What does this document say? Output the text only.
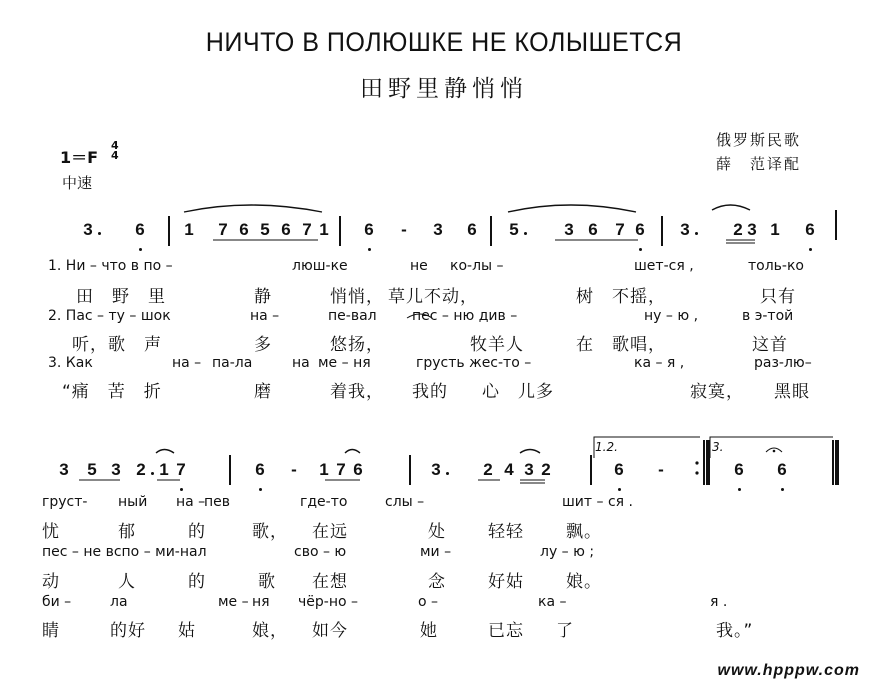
НИЧТО В ПОЛЮШКЕ НЕ КОЛЫШЕТСЯ
田野里静悄悄
1＝F
4
4
中速
俄罗斯民歌
薛　范译配
3	6 1 7 6 5 6 7 1 6 - 3 6 5	3 6 7 6 3	2 3 1 6
1. Ни – что в по –	люш-ке	не ко-лы –	шет-ся ,	толь-ко
田　野　里	静	悄悄， 草儿不动，	树　不摇，	只有
2. Пас – ту – шок	на –	пе-вал	пес – ню див –	ну – ю ,	в э-той
听，歌　声	多	悠扬，	牧羊人	在　歌唱，	这首
3. Как	на – па-ла	на ме – ня	грусть жес-то –	ка – я ,	раз-лю–
“痛　苦　折	磨	着我， 我的 心　儿多	寂寞， 黑眼
3 5 3 2 1 7	6 - 1 7 6	3	2 4 3 2	6 -	6 6
груст- ный на –
пев	где-то	слы –	шит – ся .
忧	郁	的	歌， 在远	处 轻轻 飘。
пес – не вспо – ми-нал	сво – ю	ми –	лу – ю ;
动	人	的	歌 在想	念 好姑 娘。
би –	ла	ме – ня чёр-но –	о –	ка –	я .
睛	的好 姑	娘， 如今	她	已忘 了	我。”
1.2.	3.
www.hpppw.com
